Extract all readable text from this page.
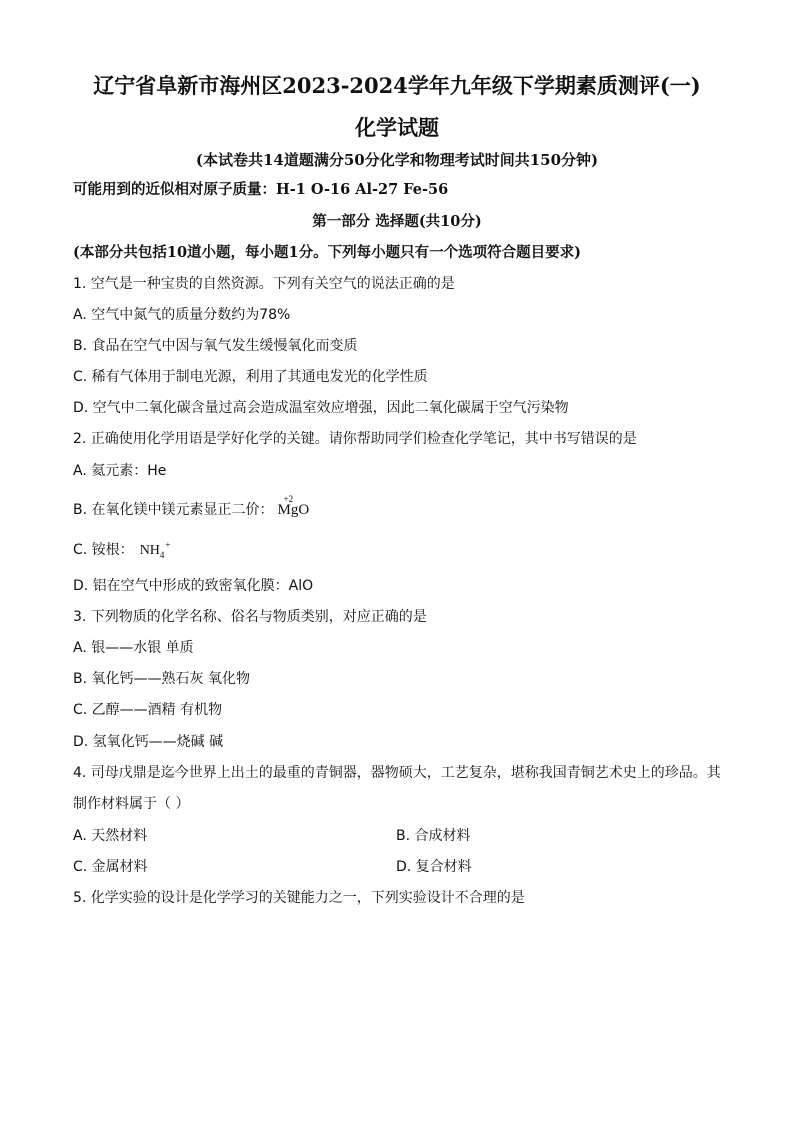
辽宁省阜新市海州区2023-2024学年九年级下学期素质测评(一)
化学试题
(本试卷共14道题满分50分化学和物理考试时间共150分钟)
可能用到的近似相对原子质量：H-1 O-16 Al-27 Fe-56
第一部分 选择题(共10分)
(本部分共包括10道小题，每小题1分。下列每小题只有一个选项符合题目要求)
1. 空气是一种宝贵的自然资源。下列有关空气的说法正确的是
A. 空气中氮气的质量分数约为78%
B. 食品在空气中因与氧气发生缓慢氧化而变质
C. 稀有气体用于制电光源，利用了其通电发光的化学性质
D. 空气中二氧化碳含量过高会造成温室效应增强，因此二氧化碳属于空气污染物
2. 正确使用化学用语是学好化学的关键。请你帮助同学们检查化学笔记，其中书写错误的是
A. 氦元素：He
B. 在氧化镁中镁元素显正二价：
+2
MgO
C. 铵根： $NH_4$
+
D. 铝在空气中形成的致密氧化膜：AlO
3. 下列物质的化学名称、俗名与物质类别，对应正确的是
A. 银——水银 单质
B. 氧化钙——熟石灰 氧化物
C. 乙醇——酒精 有机物
D. 氢氧化钙——烧碱 碱
4. 司母戊鼎是迄今世界上出土的最重的青铜器，器物硕大，工艺复杂，堪称我国青铜艺术史上的珍品。其
制作材料属于（ ）
A. 天然材料	B. 合成材料
C. 金属材料	D. 复合材料
5. 化学实验的设计是化学学习的关键能力之一，下列实验设计不合理的是
